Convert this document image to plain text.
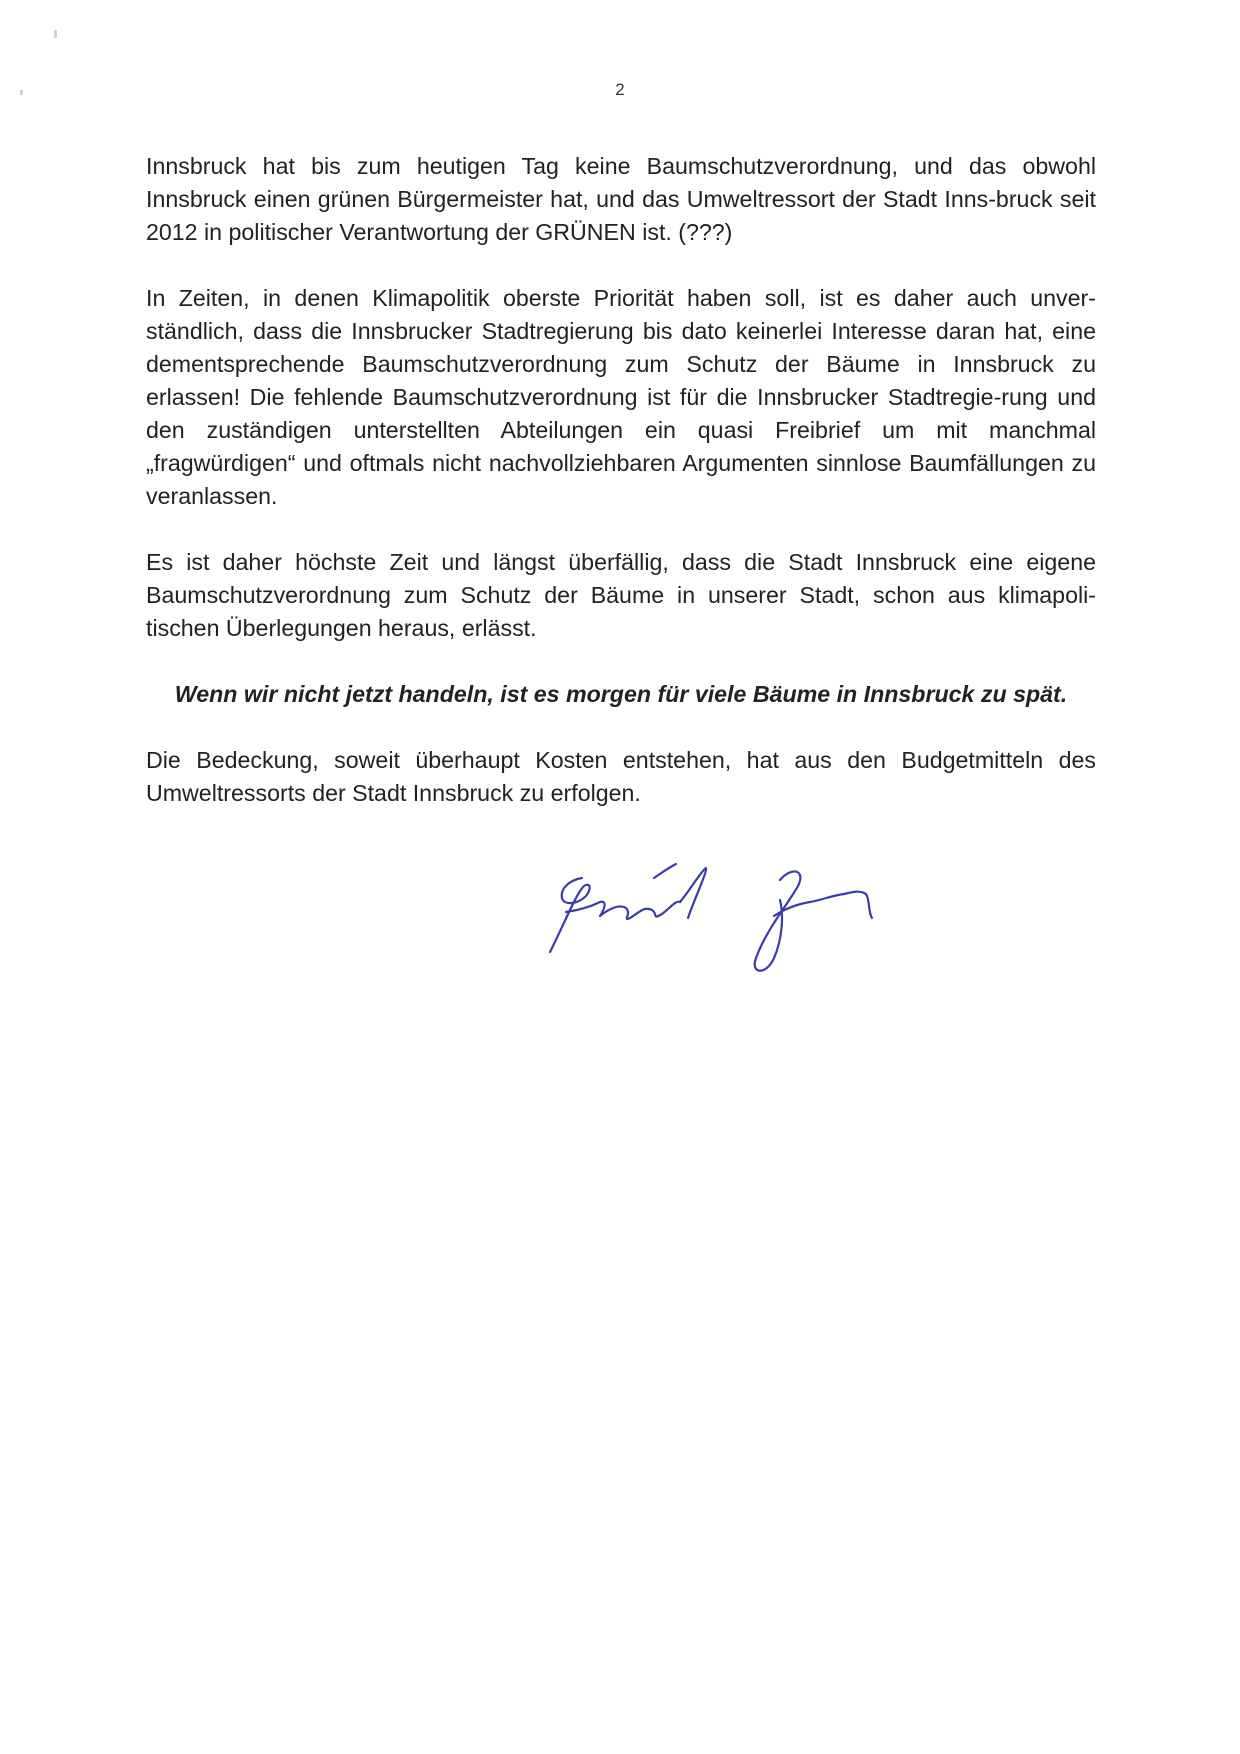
2

Innsbruck hat bis zum heutigen Tag keine Baumschutzverordnung, und das obwohl Innsbruck einen grünen Bürgermeister hat, und das Umweltressort der Stadt Inns-bruck seit 2012 in politischer Verantwortung der GRÜNEN ist. (???)

In Zeiten, in denen Klimapolitik oberste Priorität haben soll, ist es daher auch unver-ständlich, dass die Innsbrucker Stadtregierung bis dato keinerlei Interesse daran hat, eine dementsprechende Baumschutzverordnung zum Schutz der Bäume in Innsbruck zu erlassen! Die fehlende Baumschutzverordnung ist für die Innsbrucker Stadtregie-rung und den zuständigen unterstellten Abteilungen ein quasi Freibrief um mit manchmal „fragwürdigen“ und oftmals nicht nachvollziehbaren Argumenten sinnlose Baumfällungen zu veranlassen.

Es ist daher höchste Zeit und längst überfällig, dass die Stadt Innsbruck eine eigene Baumschutzverordnung zum Schutz der Bäume in unserer Stadt, schon aus klimapoli-tischen Überlegungen heraus, erlässt.

Wenn wir nicht jetzt handeln, ist es morgen für viele Bäume in Innsbruck zu spät.

Die Bedeckung, soweit überhaupt Kosten entstehen, hat aus den Budgetmitteln des Umweltressorts der Stadt Innsbruck zu erfolgen.
